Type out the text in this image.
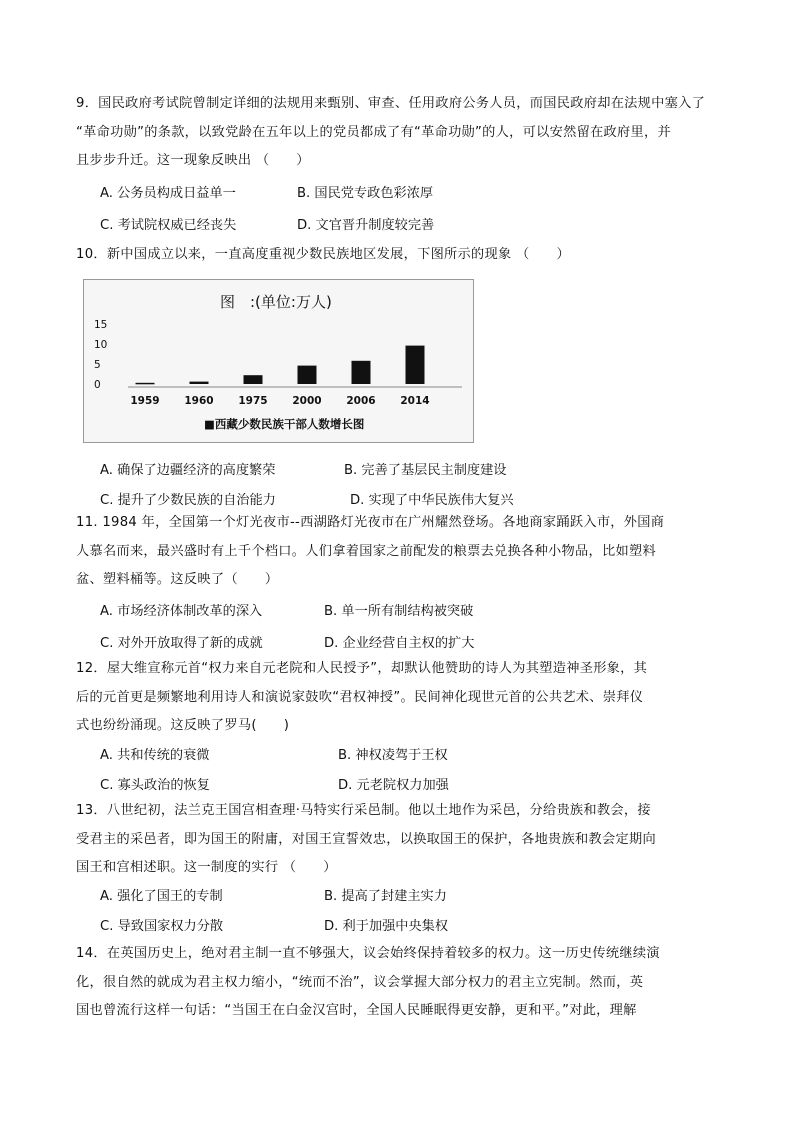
9．国民政府考试院曾制定详细的法规用来甄别、审查、任用政府公务人员，而国民政府却在法规中塞入了

“革命功勋”的条款，以致党龄在五年以上的党员都成了有“革命功勋”的人，可以安然留在政府里，并

且步步升迁。这一现象反映出 （　　）

A. 公务员构成日益单一	B. 国民党专政色彩浓厚
C. 考试院权威已经丧失	D. 文官晋升制度较完善

10．新中国成立以来，一直高度重视少数民族地区发展，下图所示的现象 （　　）

图　:(单位:万人)
15
10
5
0
1959 1960 1975 2000 2006 2014
■西藏少数民族干部人数增长图
A. 确保了边疆经济的高度繁荣	B. 完善了基层民主制度建设
C. 提升了少数民族的自治能力	D. 实现了中华民族伟大复兴

11. 1984 年，全国第一个灯光夜市--西湖路灯光夜市在广州耀然登场。各地商家踊跃入市，外国商

人慕名而来，最兴盛时有上千个档口。人们拿着国家之前配发的粮票去兑换各种小物品，比如塑料

盆、塑料桶等。这反映了（　　）

A. 市场经济体制改革的深入	B. 单一所有制结构被突破
C. 对外开放取得了新的成就	D. 企业经营自主权的扩大

12．屋大维宣称元首“权力来自元老院和人民授予”，却默认他赞助的诗人为其塑造神圣形象，其

后的元首更是频繁地利用诗人和演说家鼓吹“君权神授”。民间神化现世元首的公共艺术、崇拜仪

式也纷纷涌现。这反映了罗马(　　)

A. 共和传统的衰微	B. 神权凌驾于王权
C. 寡头政治的恢复	D. 元老院权力加强

13．八世纪初，法兰克王国宫相查理·马特实行采邑制。他以土地作为采邑，分给贵族和教会，接

受君主的采邑者，即为国王的附庸，对国王宣誓效忠，以换取国王的保护，各地贵族和教会定期向

国王和宫相述职。这一制度的实行 （　　）

A. 强化了国王的专制	B. 提高了封建主实力
C. 导致国家权力分散	D. 利于加强中央集权

14．在英国历史上，绝对君主制一直不够强大，议会始终保持着较多的权力。这一历史传统继续演

化，很自然的就成为君主权力缩小，“统而不治”，议会掌握大部分权力的君主立宪制。然而，英

国也曾流行这样一句话：“当国王在白金汉宫时，全国人民睡眠得更安静，更和平。”对此，理解
